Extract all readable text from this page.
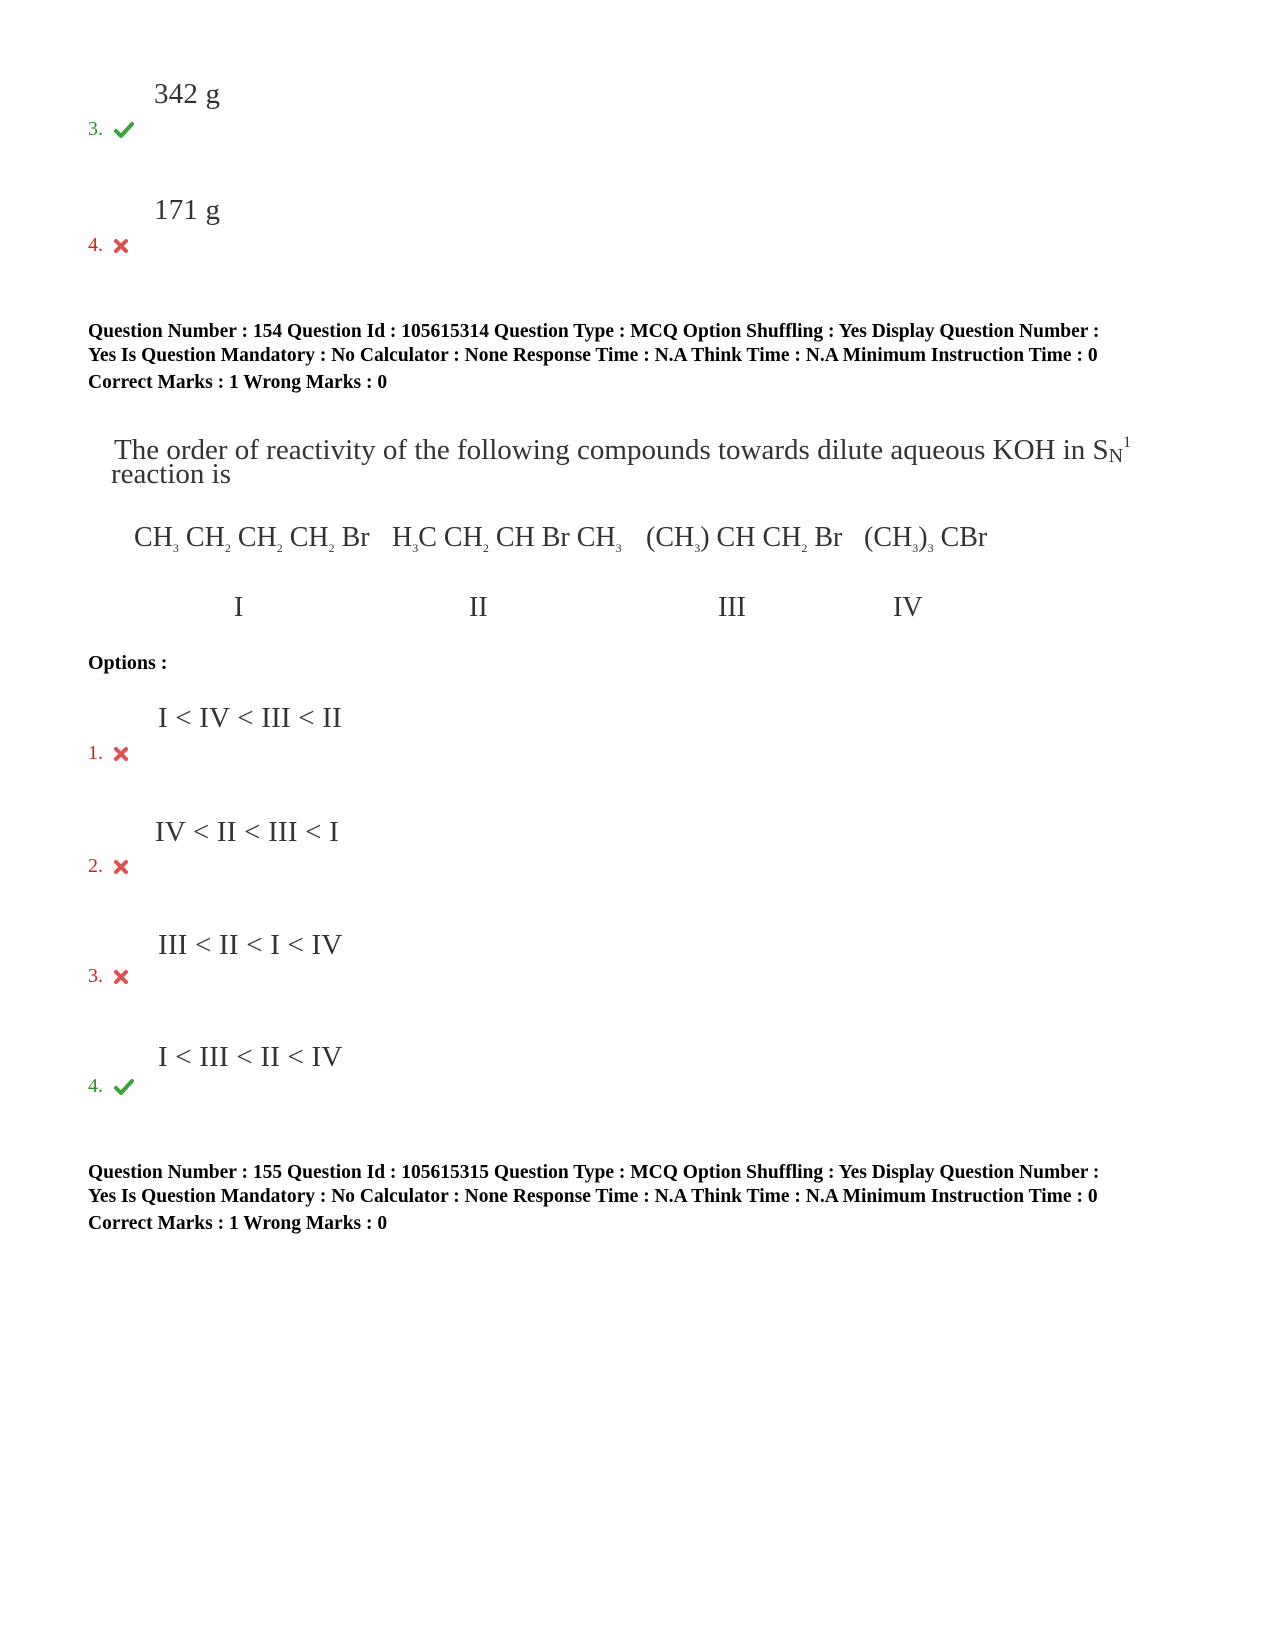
342 g
3.
171 g
4.
Question Number : 154 Question Id : 105615314 Question Type : MCQ Option Shuffling : Yes Display Question Number :
Yes Is Question Mandatory : No Calculator : None Response Time : N.A Think Time : N.A Minimum Instruction Time : 0
Correct Marks : 1 Wrong Marks : 0
The order of reactivity of the following compounds towards dilute aqueous KOH in $SN^1$
reaction is
$CH_3$ $CH_2$ $CH_2$ $CH_2$ Br $H_3C$ $CH_2$ CH Br $CH_3$ $(CH_3)$ CH $CH_2$ Br $(CH_3)_3$ CBr
I	II	III	IV
Options :
I < IV < III < II
1.
IV < II < III < I
2.
III < II < I < IV
3.
I < III < II < IV
4.
Question Number : 155 Question Id : 105615315 Question Type : MCQ Option Shuffling : Yes Display Question Number :
Yes Is Question Mandatory : No Calculator : None Response Time : N.A Think Time : N.A Minimum Instruction Time : 0
Correct Marks : 1 Wrong Marks : 0
